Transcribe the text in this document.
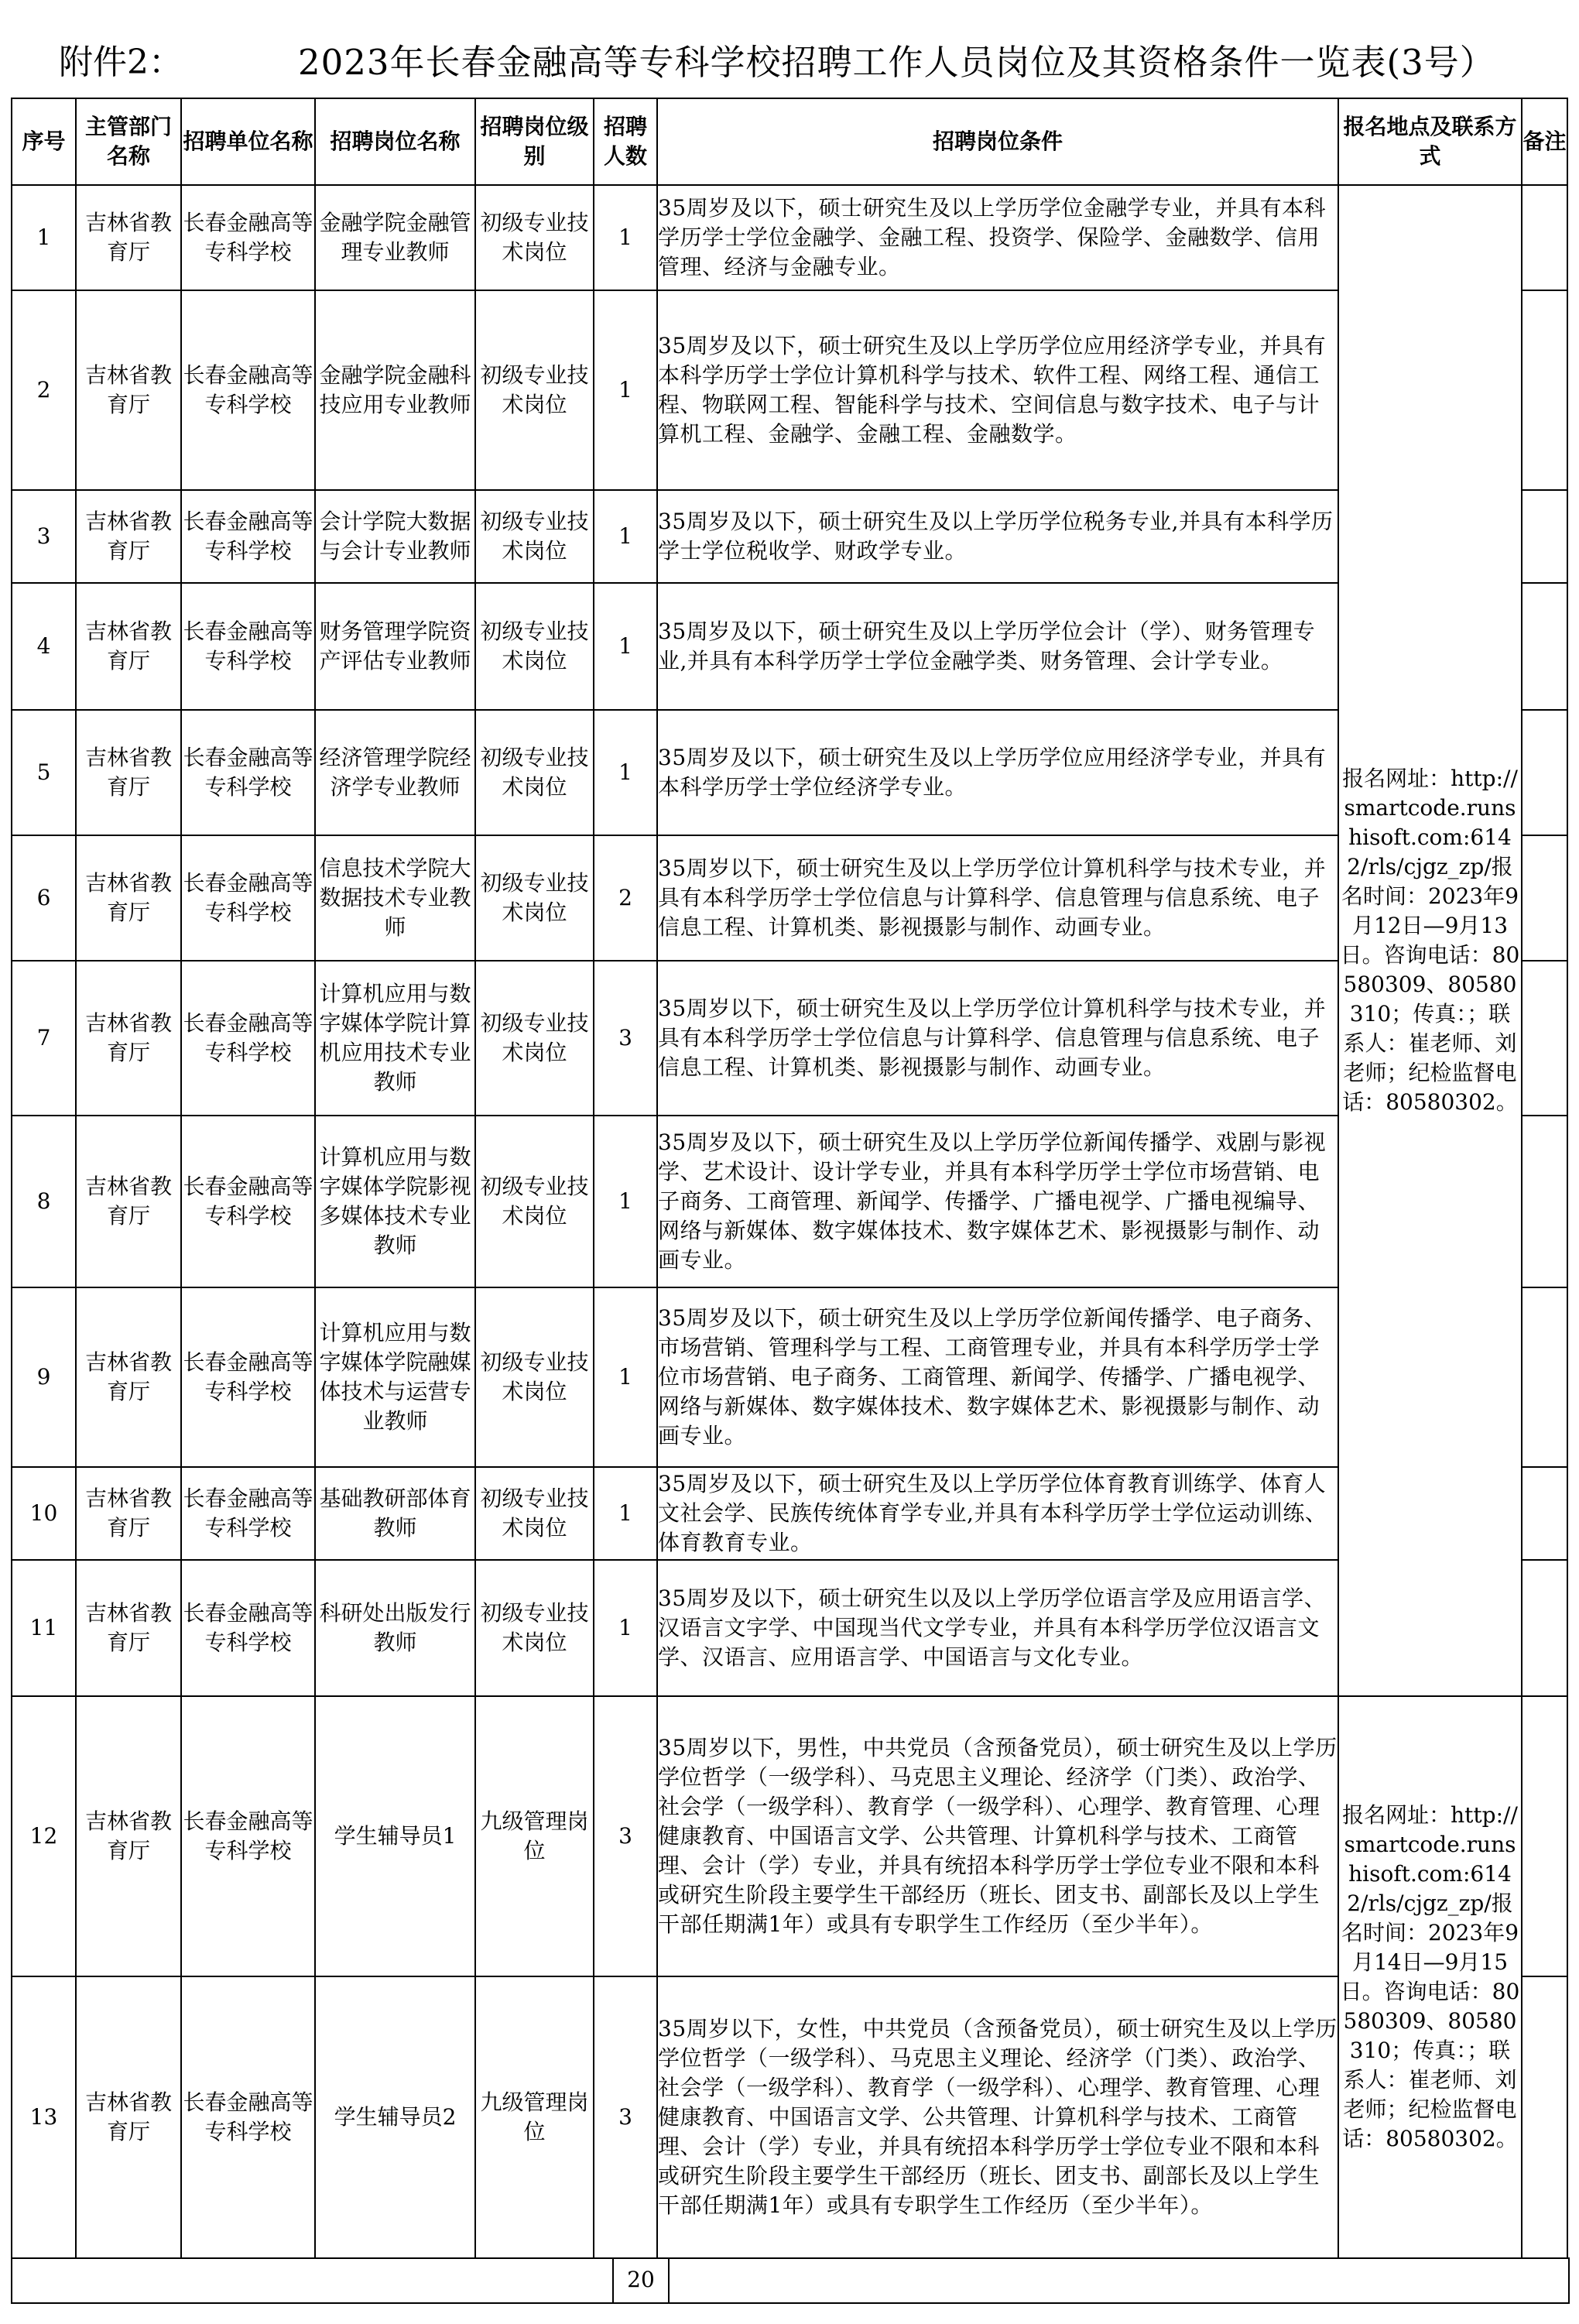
附件2：	2023年长春金融高等专科学校招聘工作人员岗位及其资格条件一览表(3号）
序号	主管部门名称	招聘单位名称	招聘岗位名称	招聘岗位级别	招聘人数	招聘岗位条件	报名地点及联系方式	备注
1	吉林省教育厅	长春金融高等专科学校	金融学院金融管理专业教师	初级专业技术岗位	1	35周岁及以下，硕士研究生及以上学历学位金融学专业，并具有本科学历学士学位金融学、金融工程、投资学、保险学、金融数学、信用管理、经济与金融专业。	报名网址：http://smartcode.runshisoft.com:6142/rls/cjgz_zp/报名时间：2023年9月12日—9月13日。咨询电话：80580309、80580310；传真：；联系人：崔老师、刘老师；纪检监督电话：80580302。	
2	吉林省教育厅	长春金融高等专科学校	金融学院金融科技应用专业教师	初级专业技术岗位	1	35周岁及以下，硕士研究生及以上学历学位应用经济学专业，并具有本科学历学士学位计算机科学与技术、软件工程、网络工程、通信工程、物联网工程、智能科学与技术、空间信息与数字技术、电子与计算机工程、金融学、金融工程、金融数学。		
3	吉林省教育厅	长春金融高等专科学校	会计学院大数据与会计专业教师	初级专业技术岗位	1	35周岁及以下，硕士研究生及以上学历学位税务专业,并具有本科学历学士学位税收学、财政学专业。		
4	吉林省教育厅	长春金融高等专科学校	财务管理学院资产评估专业教师	初级专业技术岗位	1	35周岁及以下，硕士研究生及以上学历学位会计（学）、财务管理专业,并具有本科学历学士学位金融学类、财务管理、会计学专业。		
5	吉林省教育厅	长春金融高等专科学校	经济管理学院经济学专业教师	初级专业技术岗位	1	35周岁及以下，硕士研究生及以上学历学位应用经济学专业，并具有本科学历学士学位经济学专业。		
6	吉林省教育厅	长春金融高等专科学校	信息技术学院大数据技术专业教师	初级专业技术岗位	2	35周岁以下，硕士研究生及以上学历学位计算机科学与技术专业，并具有本科学历学士学位信息与计算科学、信息管理与信息系统、电子信息工程、计算机类、影视摄影与制作、动画专业。		
7	吉林省教育厅	长春金融高等专科学校	计算机应用与数字媒体学院计算机应用技术专业教师	初级专业技术岗位	3	35周岁以下，硕士研究生及以上学历学位计算机科学与技术专业，并具有本科学历学士学位信息与计算科学、信息管理与信息系统、电子信息工程、计算机类、影视摄影与制作、动画专业。		
8	吉林省教育厅	长春金融高等专科学校	计算机应用与数字媒体学院影视多媒体技术专业教师	初级专业技术岗位	1	35周岁及以下，硕士研究生及以上学历学位新闻传播学、戏剧与影视学、艺术设计、设计学专业，并具有本科学历学士学位市场营销、电子商务、工商管理、新闻学、传播学、广播电视学、广播电视编导、网络与新媒体、数字媒体技术、数字媒体艺术、影视摄影与制作、动画专业。		
9	吉林省教育厅	长春金融高等专科学校	计算机应用与数字媒体学院融媒体技术与运营专业教师	初级专业技术岗位	1	35周岁及以下，硕士研究生及以上学历学位新闻传播学、电子商务、市场营销、管理科学与工程、工商管理专业，并具有本科学历学士学位市场营销、电子商务、工商管理、新闻学、传播学、广播电视学、网络与新媒体、数字媒体技术、数字媒体艺术、影视摄影与制作、动画专业。		
10	吉林省教育厅	长春金融高等专科学校	基础教研部体育教师	初级专业技术岗位	1	35周岁及以下，硕士研究生及以上学历学位体育教育训练学、体育人文社会学、民族传统体育学专业,并具有本科学历学士学位运动训练、体育教育专业。		
11	吉林省教育厅	长春金融高等专科学校	科研处出版发行教师	初级专业技术岗位	1	35周岁及以下，硕士研究生以及以上学历学位语言学及应用语言学、汉语言文字学、中国现当代文学专业，并具有本科学历学位汉语言文学、汉语言、应用语言学、中国语言与文化专业。		
12	吉林省教育厅	长春金融高等专科学校	学生辅导员1	九级管理岗位	3	35周岁以下，男性，中共党员（含预备党员），硕士研究生及以上学历学位哲学（一级学科）、马克思主义理论、经济学（门类）、政治学、社会学（一级学科）、教育学（一级学科）、心理学、教育管理、心理健康教育、中国语言文学、公共管理、计算机科学与技术、工商管理、会计（学）专业，并具有统招本科学历学士学位专业不限和本科或研究生阶段主要学生干部经历（班长、团支书、副部长及以上学生干部任期满1年）或具有专职学生工作经历（至少半年）。	报名网址：http://smartcode.runshisoft.com:6142/rls/cjgz_zp/报名时间：2023年9月14日—9月15日。咨询电话：80580309、80580310；传真：；联系人：崔老师、刘老师；纪检监督电话：80580302。	
13	吉林省教育厅	长春金融高等专科学校	学生辅导员2	九级管理岗位	3	35周岁以下，女性，中共党员（含预备党员），硕士研究生及以上学历学位哲学（一级学科）、马克思主义理论、经济学（门类）、政治学、社会学（一级学科）、教育学（一级学科）、心理学、教育管理、心理健康教育、中国语言文学、公共管理、计算机科学与技术、工商管理、会计（学）专业，并具有统招本科学历学士学位专业不限和本科或研究生阶段主要学生干部经历（班长、团支书、副部长及以上学生干部任期满1年）或具有专职学生工作经历（至少半年）。		
20
